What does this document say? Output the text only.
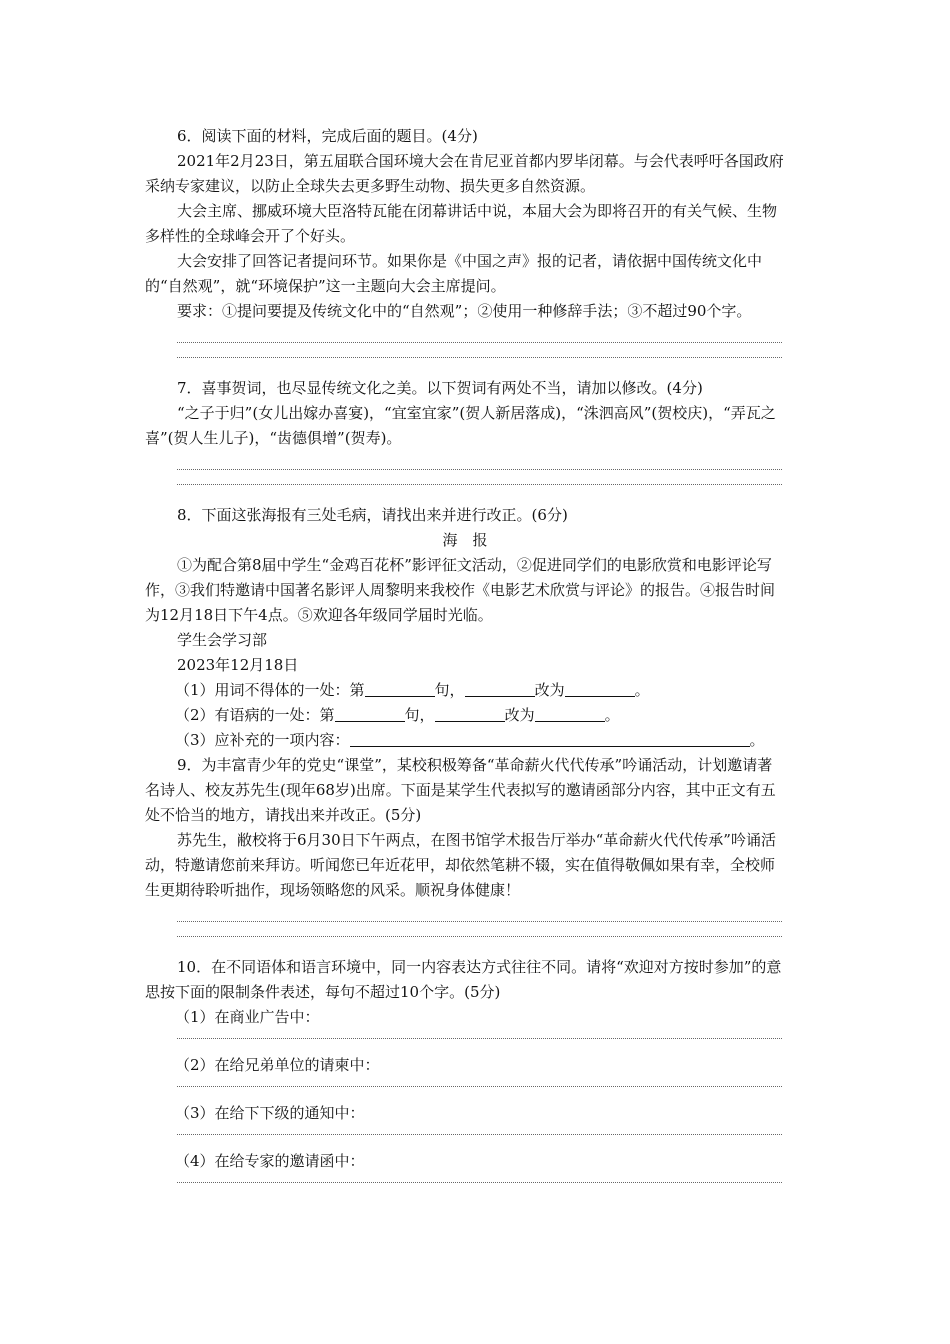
6．阅读下面的材料，完成后面的题目。(4分)

2021年2月23日，第五届联合国环境大会在肯尼亚首都内罗毕闭幕。与会代表呼吁各国政府采纳专家建议，以防止全球失去更多野生动物、损失更多自然资源。

大会主席、挪威环境大臣洛特瓦能在闭幕讲话中说，本届大会为即将召开的有关气候、生物多样性的全球峰会开了个好头。

大会安排了回答记者提问环节。如果你是《中国之声》报的记者，请依据中国传统文化中的“自然观”，就“环境保护”这一主题向大会主席提问。

要求：①提问要提及传统文化中的“自然观”；②使用一种修辞手法；③不超过90个字。

7．喜事贺词，也尽显传统文化之美。以下贺词有两处不当，请加以修改。(4分)

“之子于归”(女儿出嫁办喜宴)，“宜室宜家”(贺人新居落成)，“洙泗高风”(贺校庆)，“弄瓦之喜”(贺人生儿子)，“齿德俱增”(贺寿)。

8．下面这张海报有三处毛病，请找出来并进行改正。(6分)

海　报

①为配合第8届中学生“金鸡百花杯”影评征文活动，②促进同学们的电影欣赏和电影评论写作，③我们特邀请中国著名影评人周黎明来我校作《电影艺术欣赏与评论》的报告。④报告时间为12月18日下午4点。⑤欢迎各年级同学届时光临。

学生会学习部

2023年12月18日

（1）用词不得体的一处：第	句，	改为	。

（2）有语病的一处：第	句，	改为	。

（3）应补充的一项内容：	。

9．为丰富青少年的党史“课堂”，某校积极筹备“革命薪火代代传承”吟诵活动，计划邀请著名诗人、校友苏先生(现年68岁)出席。下面是某学生代表拟写的邀请函部分内容，其中正文有五处不恰当的地方，请找出来并改正。(5分)

苏先生，敝校将于6月30日下午两点，在图书馆学术报告厅举办“革命薪火代代传承”吟诵活动，特邀请您前来拜访。听闻您已年近花甲，却依然笔耕不辍，实在值得敬佩如果有幸，全校师生更期待聆听拙作，现场领略您的风采。顺祝身体健康！

10．在不同语体和语言环境中，同一内容表达方式往往不同。请将“欢迎对方按时参加”的意思按下面的限制条件表述，每句不超过10个字。(5分)

（1）在商业广告中：

（2）在给兄弟单位的请柬中：

（3）在给下下级的通知中：

（4）在给专家的邀请函中：
